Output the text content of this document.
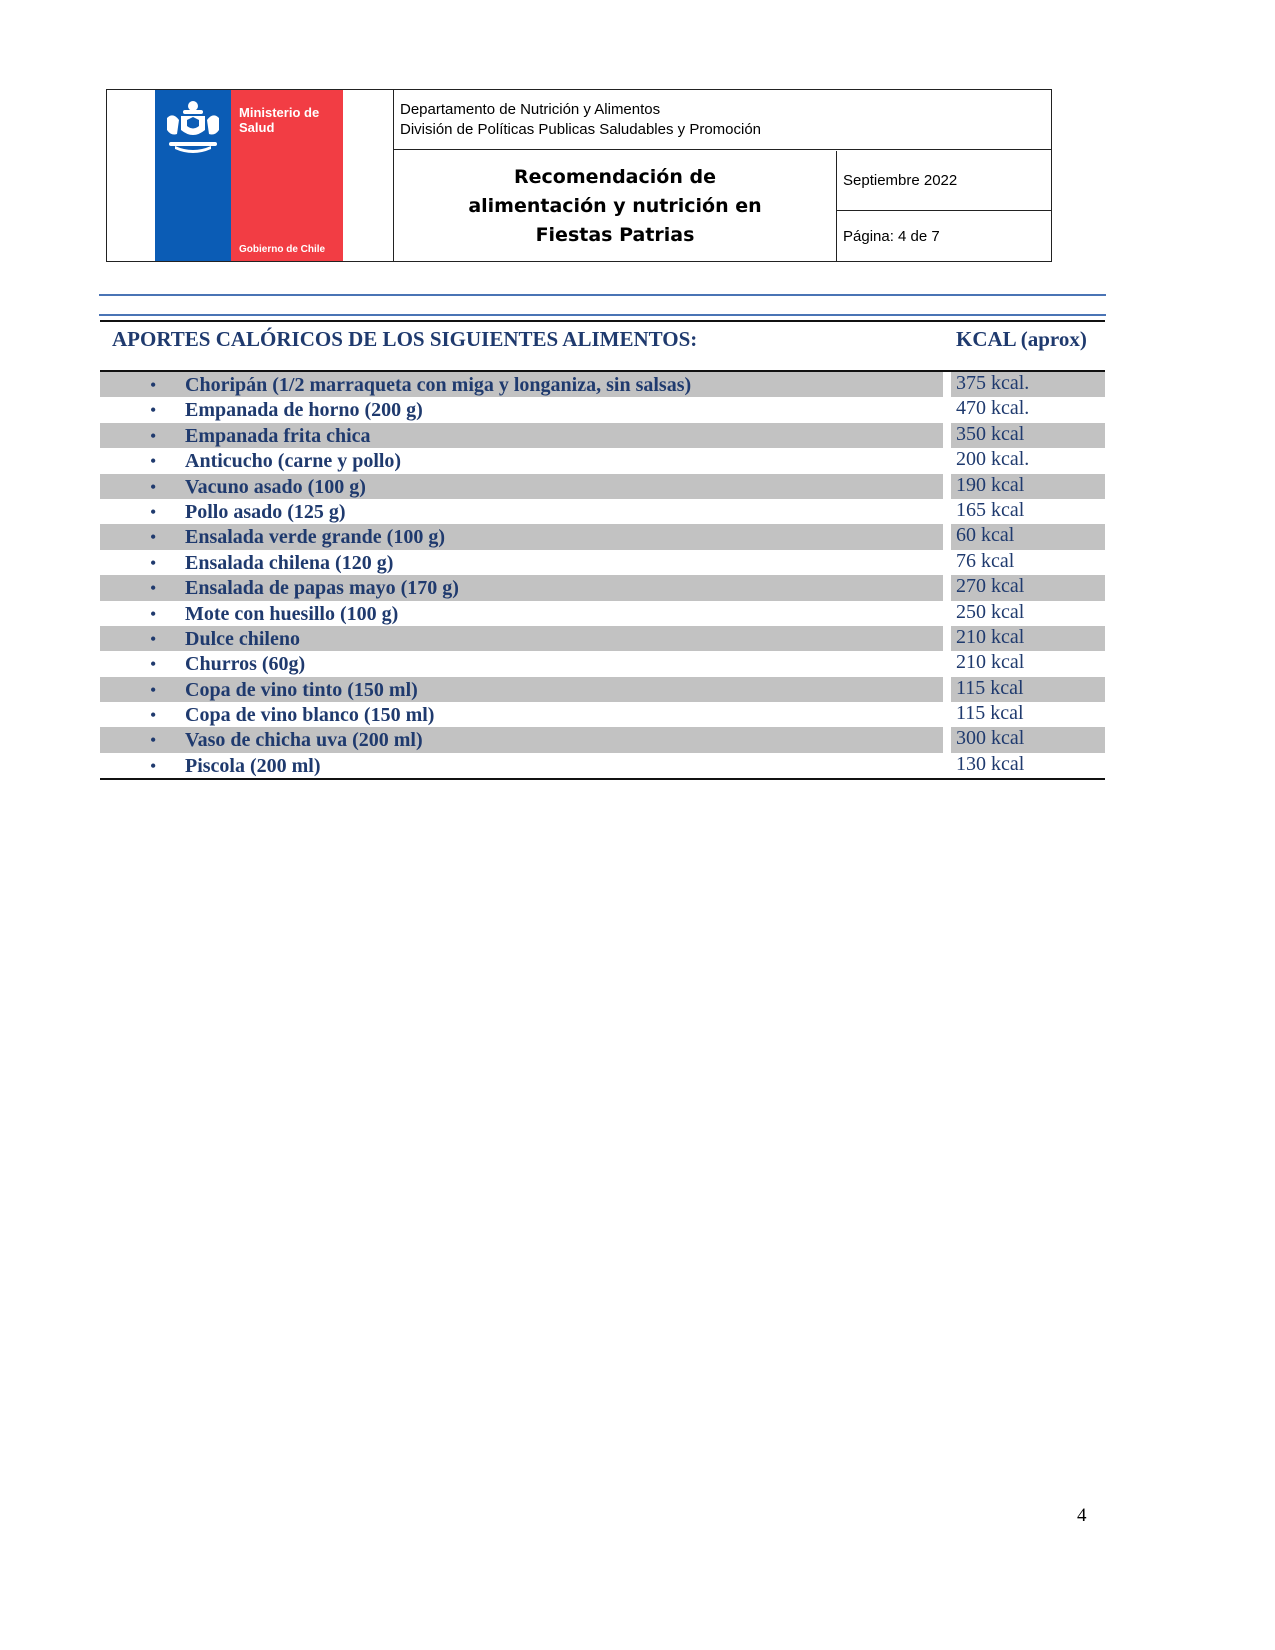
Ministerio de Salud
Gobierno de Chile
Departamento de Nutrición y Alimentos
División de Políticas Publicas Saludables y Promoción
Recomendación de alimentación y nutrición en Fiestas Patrias
Septiembre 2022
Página: 4 de 7
APORTES CALÓRICOS DE LOS SIGUIENTES ALIMENTOS:	KCAL (aprox)
• Choripán (1/2 marraqueta con miga y longaniza, sin salsas)	375 kcal.
• Empanada de horno (200 g)	470 kcal.
• Empanada frita chica	350 kcal
• Anticucho (carne y pollo)	200 kcal.
• Vacuno asado (100 g)	190 kcal
• Pollo asado (125 g)	165 kcal
• Ensalada verde grande (100 g)	60 kcal
• Ensalada chilena (120 g)	76 kcal
• Ensalada de papas mayo (170 g)	270 kcal
• Mote con huesillo (100 g)	250 kcal
• Dulce chileno	210 kcal
• Churros (60g)	210 kcal
• Copa de vino tinto (150 ml)	115 kcal
• Copa de vino blanco (150 ml)	115 kcal
• Vaso de chicha uva (200 ml)	300 kcal
• Piscola (200 ml)	130 kcal
4
